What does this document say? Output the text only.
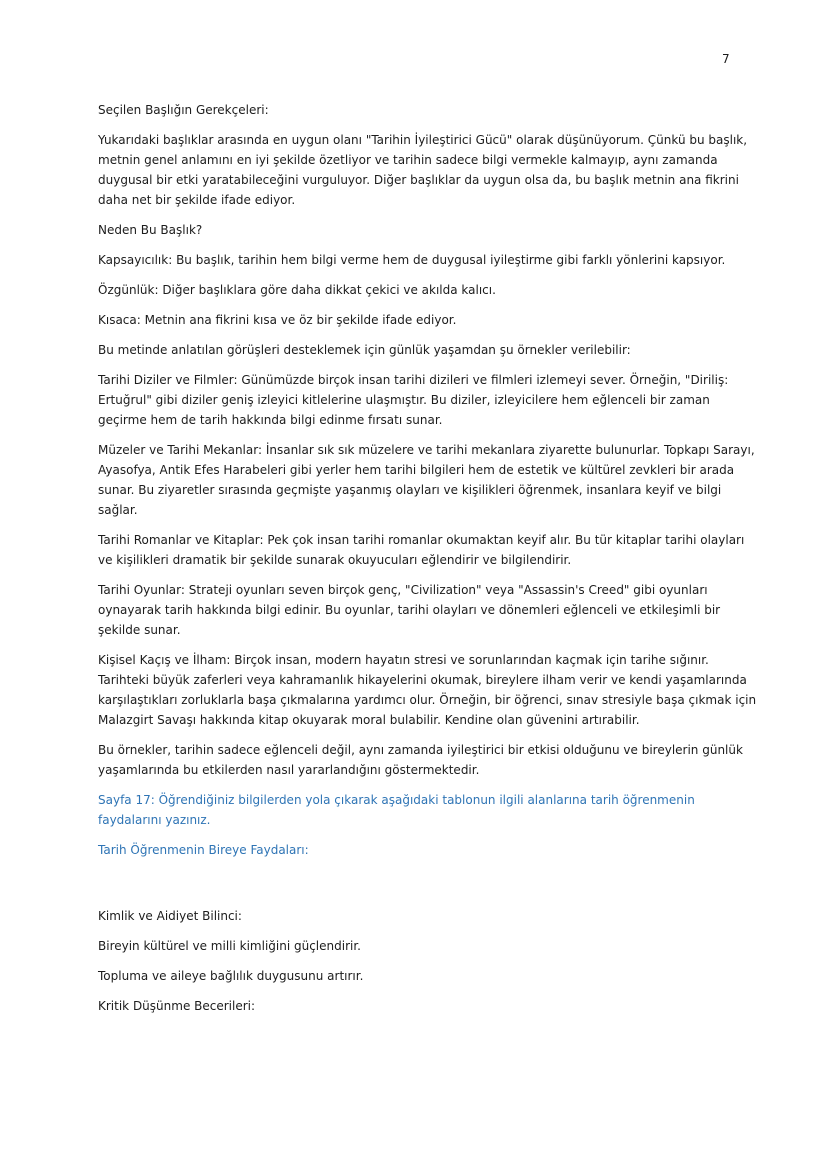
7

Seçilen Başlığın Gerekçeleri:

Yukarıdaki başlıklar arasında en uygun olanı "Tarihin İyileştirici Gücü" olarak düşünüyorum. Çünkü bu başlık, metnin genel anlamını en iyi şekilde özetliyor ve tarihin sadece bilgi vermekle kalmayıp, aynı zamanda duygusal bir etki yaratabileceğini vurguluyor. Diğer başlıklar da uygun olsa da, bu başlık metnin ana fikrini daha net bir şekilde ifade ediyor.

Neden Bu Başlık?

Kapsayıcılık: Bu başlık, tarihin hem bilgi verme hem de duygusal iyileştirme gibi farklı yönlerini kapsıyor.

Özgünlük: Diğer başlıklara göre daha dikkat çekici ve akılda kalıcı.

Kısaca: Metnin ana fikrini kısa ve öz bir şekilde ifade ediyor.

Bu metinde anlatılan görüşleri desteklemek için günlük yaşamdan şu örnekler verilebilir:

Tarihi Diziler ve Filmler: Günümüzde birçok insan tarihi dizileri ve filmleri izlemeyi sever. Örneğin, "Diriliş: Ertuğrul" gibi diziler geniş izleyici kitlelerine ulaşmıştır. Bu diziler, izleyicilere hem eğlenceli bir zaman geçirme hem de tarih hakkında bilgi edinme fırsatı sunar.

Müzeler ve Tarihi Mekanlar: İnsanlar sık sık müzelere ve tarihi mekanlara ziyarette bulunurlar. Topkapı Sarayı, Ayasofya, Antik Efes Harabeleri gibi yerler hem tarihi bilgileri hem de estetik ve kültürel zevkleri bir arada sunar. Bu ziyaretler sırasında geçmişte yaşanmış olayları ve kişilikleri öğrenmek, insanlara keyif ve bilgi sağlar.

Tarihi Romanlar ve Kitaplar: Pek çok insan tarihi romanlar okumaktan keyif alır. Bu tür kitaplar tarihi olayları ve kişilikleri dramatik bir şekilde sunarak okuyucuları eğlendirir ve bilgilendirir.

Tarihi Oyunlar: Strateji oyunları seven birçok genç, "Civilization" veya "Assassin's Creed" gibi oyunları oynayarak tarih hakkında bilgi edinir. Bu oyunlar, tarihi olayları ve dönemleri eğlenceli ve etkileşimli bir şekilde sunar.

Kişisel Kaçış ve İlham: Birçok insan, modern hayatın stresi ve sorunlarından kaçmak için tarihe sığınır. Tarihteki büyük zaferleri veya kahramanlık hikayelerini okumak, bireylere ilham verir ve kendi yaşamlarında karşılaştıkları zorluklarla başa çıkmalarına yardımcı olur. Örneğin, bir öğrenci, sınav stresiyle başa çıkmak için Malazgirt Savaşı hakkında kitap okuyarak moral bulabilir. Kendine olan güvenini artırabilir.

Bu örnekler, tarihin sadece eğlenceli değil, aynı zamanda iyileştirici bir etkisi olduğunu ve bireylerin günlük yaşamlarında bu etkilerden nasıl yararlandığını göstermektedir.

Sayfa 17: Öğrendiğiniz bilgilerden yola çıkarak aşağıdaki tablonun ilgili alanlarına tarih öğrenmenin faydalarını yazınız.

Tarih Öğrenmenin Bireye Faydaları:

Kimlik ve Aidiyet Bilinci:

Bireyin kültürel ve milli kimliğini güçlendirir.

Topluma ve aileye bağlılık duygusunu artırır.

Kritik Düşünme Becerileri:
